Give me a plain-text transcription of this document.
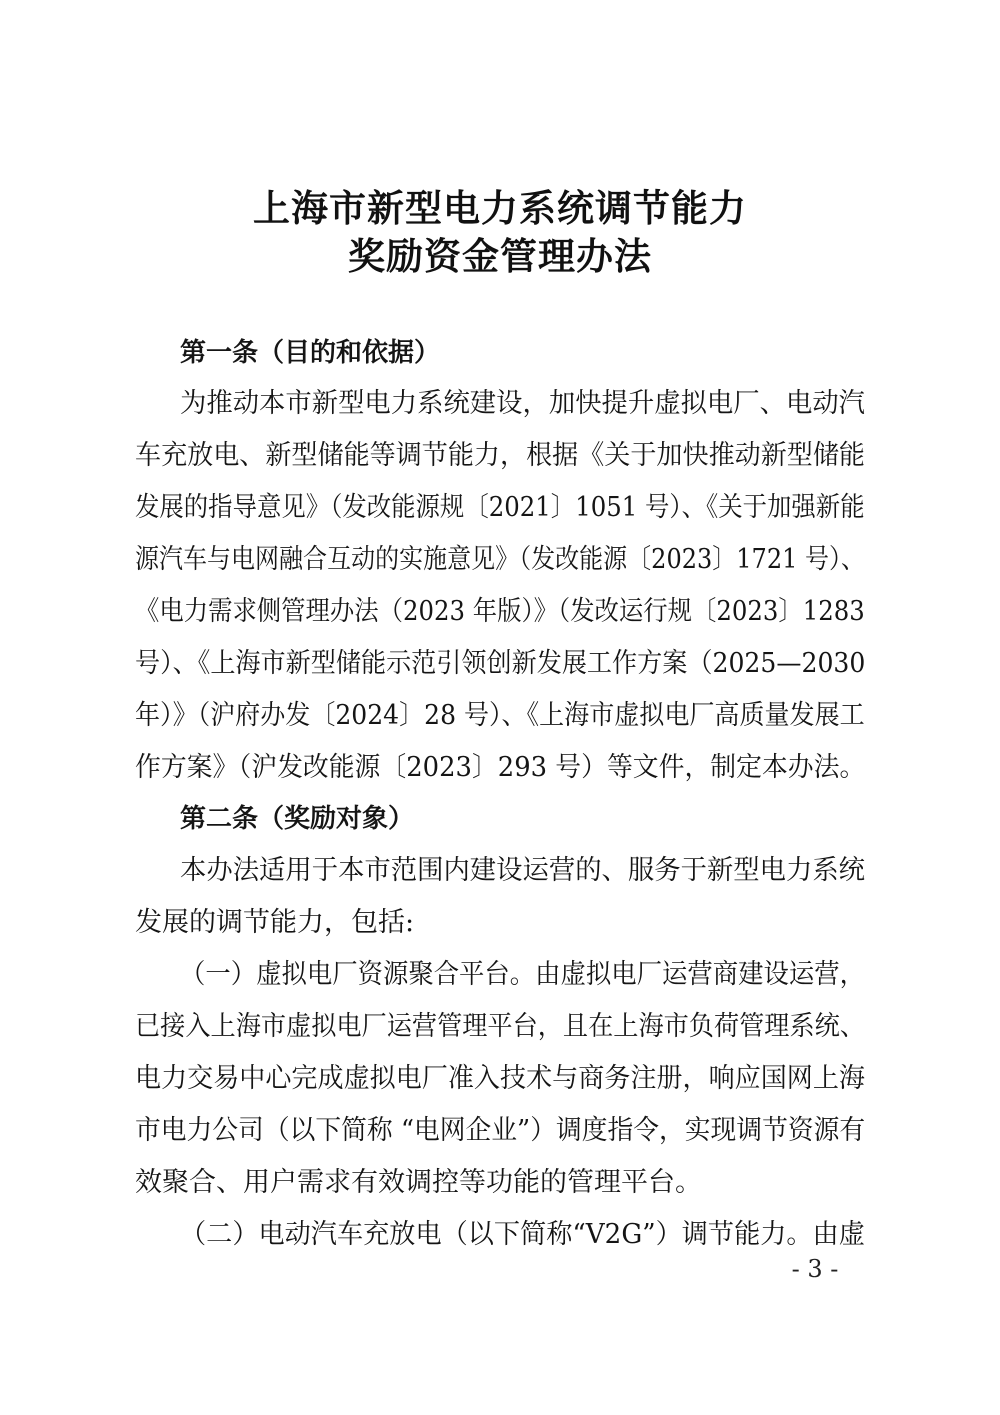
上海市新型电力系统调节能力
奖励资金管理办法
第一条（目的和依据）
为推动本市新型电力系统建设，加快提升虚拟电厂、电动汽
车充放电、新型储能等调节能力，根据《关于加快推动新型储能
发展的指导意见》（发改能源规〔2021〕1051 号）、《关于加强新能
源汽车与电网融合互动的实施意见》（发改能源〔2023〕1721 号）、
《电力需求侧管理办法（2023 年版）》（发改运行规〔2023〕1283
号）、《上海市新型储能示范引领创新发展工作方案（2025—2030
年）》（沪府办发〔2024〕28 号）、《上海市虚拟电厂高质量发展工
作方案》（沪发改能源〔2023〕293 号）等文件，制定本办法。
第二条（奖励对象）
本办法适用于本市范围内建设运营的、服务于新型电力系统
发展的调节能力，包括:
（一）虚拟电厂资源聚合平台。由虚拟电厂运营商建设运营，
已接入上海市虚拟电厂运营管理平台，且在上海市负荷管理系统、
电力交易中心完成虚拟电厂准入技术与商务注册，响应国网上海
市电力公司（以下简称 “电网企业”）调度指令，实现调节资源有
效聚合、用户需求有效调控等功能的管理平台。
（二）电动汽车充放电（以下简称“V2G”）调节能力。由虚
- 3 -
